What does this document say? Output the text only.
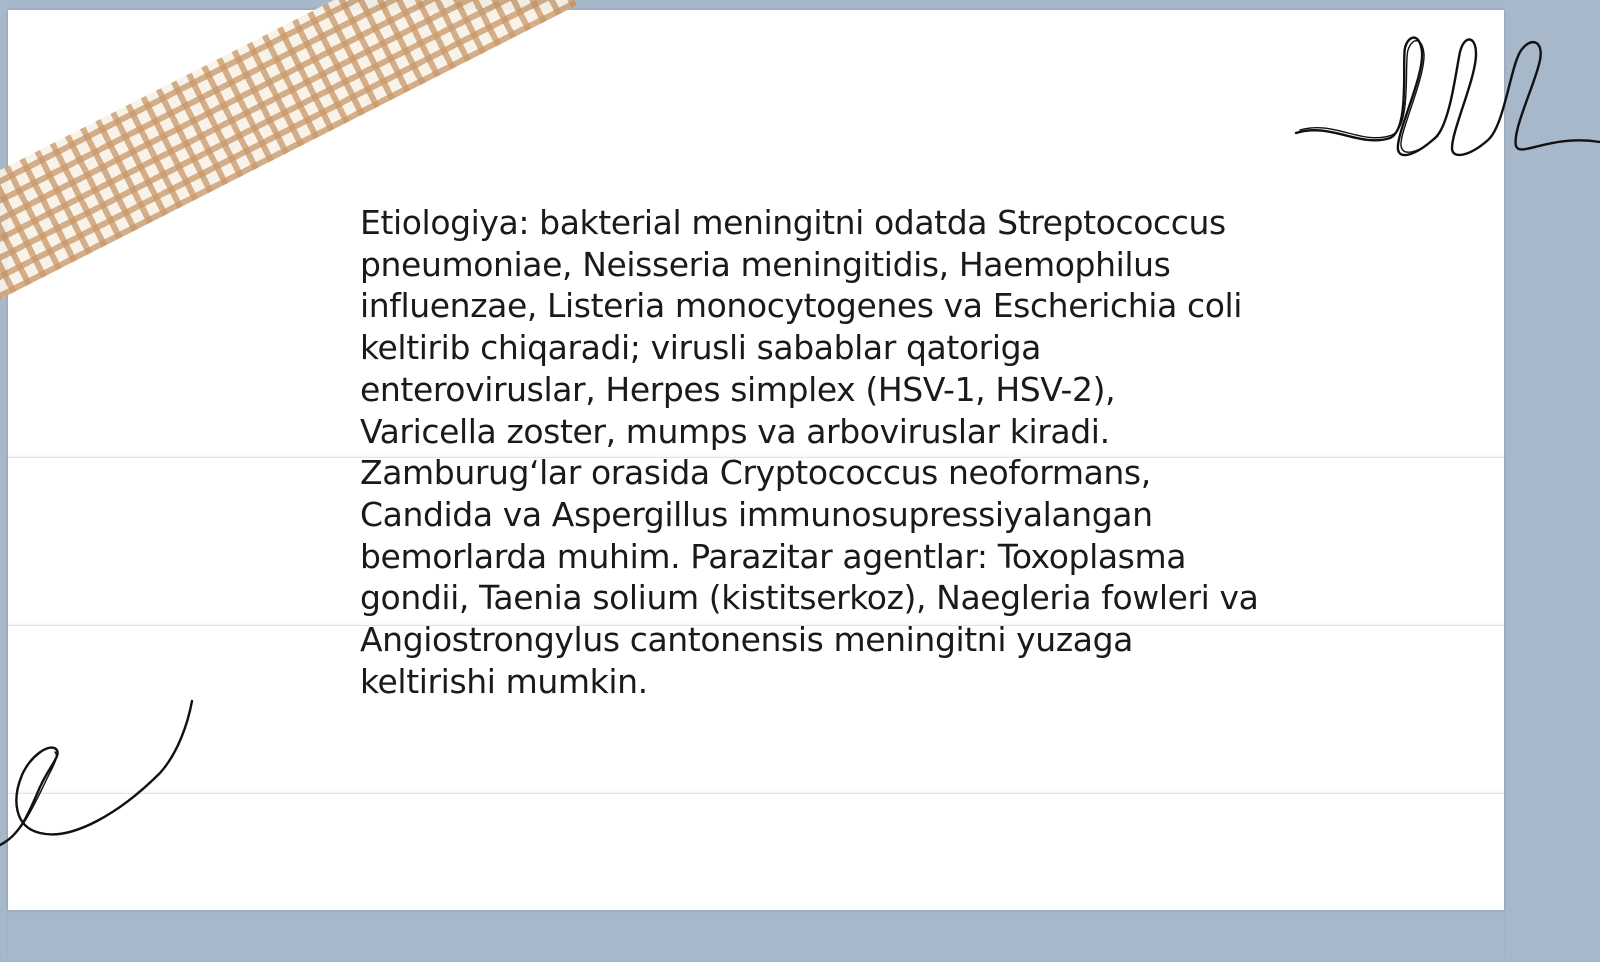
Etiologiya: bakterial meningitni odatda Streptococcus pneumoniae, Neisseria meningitidis, Haemophilus influenzae, Listeria monocytogenes va Escherichia coli keltirib chiqaradi; virusli sabablar qatoriga enteroviruslar, Herpes simplex (HSV-1, HSV-2), Varicella zoster, mumps va arboviruslar kiradi. Zamburug‘lar orasida Cryptococcus neoformans, Candida va Aspergillus immunosupressiyalangan bemorlarda muhim. Parazitar agentlar: Toxoplasma gondii, Taenia solium (kistitserkoz), Naegleria fowleri va Angiostrongylus cantonensis meningitni yuzaga keltirishi mumkin.
